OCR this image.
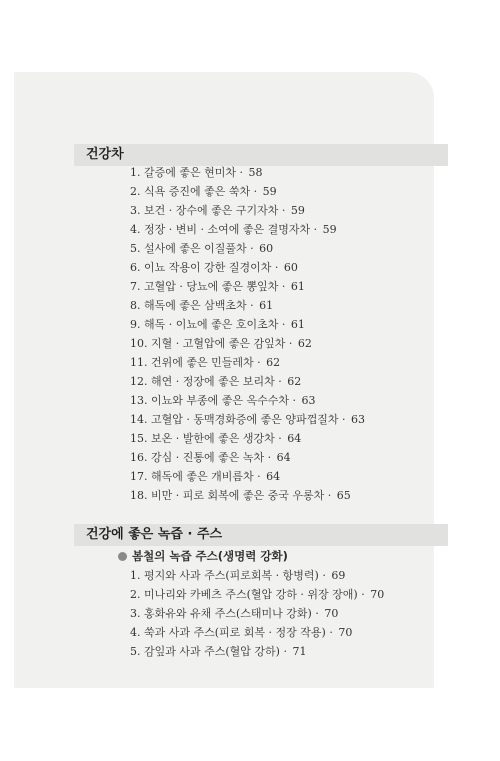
건강차
1. 갈증에 좋은 현미차 · 58
2. 식욕 증진에 좋은 쑥차 · 59
3. 보건 · 장수에 좋은 구기자차 · 59
4. 정장 · 변비 · 소여에 좋은 결명자차 · 59
5. 설사에 좋은 이질풀차 · 60
6. 이뇨 작용이 강한 질경이차 · 60
7. 고혈압 · 당뇨에 좋은 뽕잎차 · 61
8. 해독에 좋은 삼백초차 · 61
9. 해독 · 이뇨에 좋은 호이초차 · 61
10. 지혈 · 고혈압에 좋은 감잎차 · 62
11. 건위에 좋은 민들레차 · 62
12. 해연 · 정장에 좋은 보리차 · 62
13. 이뇨와 부종에 좋은 옥수수차 · 63
14. 고혈압 · 동맥경화증에 좋은 양파껍질차 · 63
15. 보온 · 발한에 좋은 생강차 · 64
16. 강심 · 진통에 좋은 녹차 · 64
17. 해독에 좋은 개비름차 · 64
18. 비만 · 피로 회복에 좋은 중국 우롱차 · 65
건강에 좋은 녹즙 · 주스
봄철의 녹즙 주스(생명력 강화)
1. 평지와 사과 주스(피로회복 · 항병력) · 69
2. 미나리와 카베츠 주스(혈압 강하 · 위장 장애) · 70
3. 홍화유와 유채 주스(스태미나 강화) · 70
4. 쑥과 사과 주스(피로 회복 · 정장 작용) · 70
5. 감잎과 사과 주스(혈압 강하) · 71
